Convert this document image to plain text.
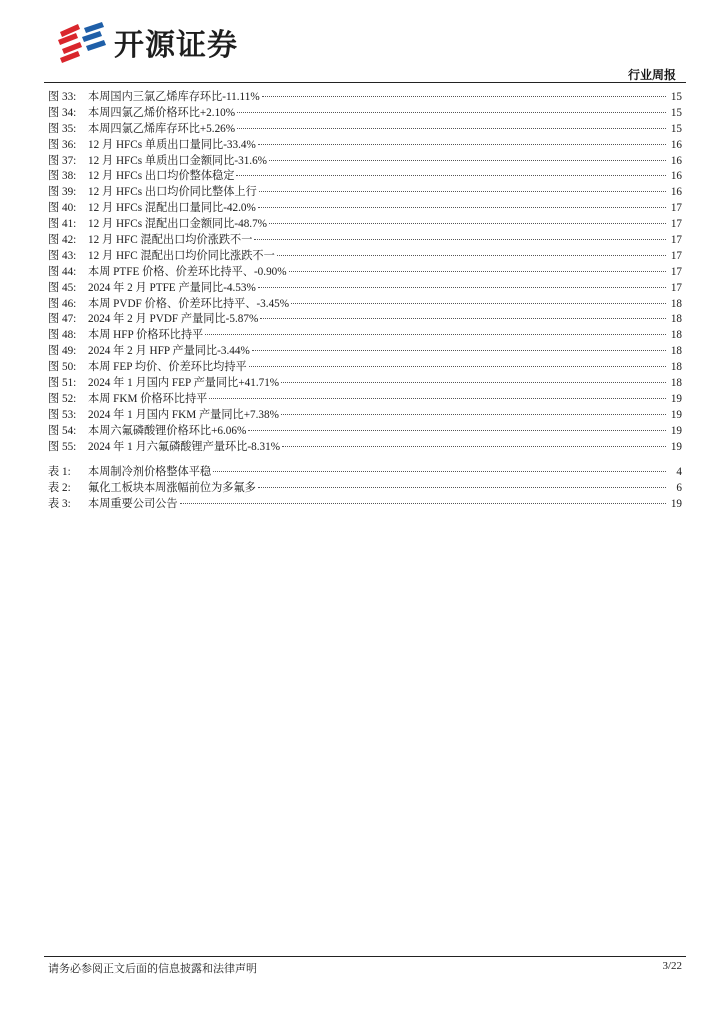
开源证券
行业周报
图 33: 本周国内三氯乙烯库存环比-11.11%	15
图 34: 本周四氯乙烯价格环比+2.10%	15
图 35: 本周四氯乙烯库存环比+5.26%	15
图 36: 12 月 HFCs 单质出口量同比-33.4%	16
图 37: 12 月 HFCs 单质出口金额同比-31.6%	16
图 38: 12 月 HFCs 出口均价整体稳定	16
图 39: 12 月 HFCs 出口均价同比整体上行	16
图 40: 12 月 HFCs 混配出口量同比-42.0%	17
图 41: 12 月 HFCs 混配出口金额同比-48.7%	17
图 42: 12 月 HFC 混配出口均价涨跌不一	17
图 43: 12 月 HFC 混配出口均价同比涨跌不一	17
图 44: 本周 PTFE 价格、价差环比持平、-0.90%	17
图 45: 2024 年 2 月 PTFE 产量同比-4.53%	17
图 46: 本周 PVDF 价格、价差环比持平、-3.45%	18
图 47: 2024 年 2 月 PVDF 产量同比-5.87%	18
图 48: 本周 HFP 价格环比持平	18
图 49: 2024 年 2 月 HFP 产量同比-3.44%	18
图 50: 本周 FEP 均价、价差环比均持平	18
图 51: 2024 年 1 月国内 FEP 产量同比+41.71%	18
图 52: 本周 FKM 价格环比持平	19
图 53: 2024 年 1 月国内 FKM 产量同比+7.38%	19
图 54: 本周六氟磷酸锂价格环比+6.06%	19
图 55: 2024 年 1 月六氟磷酸锂产量环比-8.31%	19
表 1: 本周制冷剂价格整体平稳	4
表 2: 氟化工板块本周涨幅前位为多氟多	6
表 3: 本周重要公司公告	19
请务必参阅正文后面的信息披露和法律声明	3/22
